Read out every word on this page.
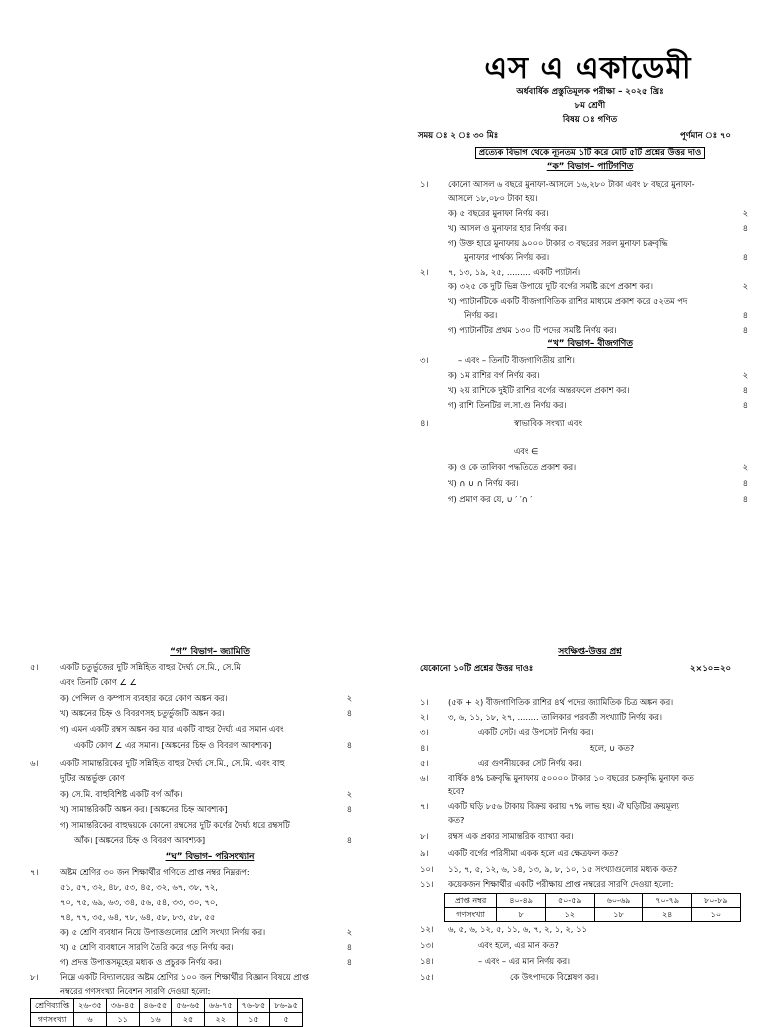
এস এ একাডেমী
অর্ধবার্ষিক প্রস্তুতিমূলক পরীক্ষা – ২০২৫ খ্রিঃ
৮ম শ্রেণী
বিষয় ঃ গণিত
সময় ঃ ২ ঃ ৩০ মিঃ	পূর্ণমান ঃ ৭০
প্রত্যেক বিভাগ থেকে ন্যূনতম ১টি করে মোট ৫টি প্রশ্নের উত্তর দাও
“ক” বিভাগ– পাটিগণিত
১। কোনো আসল ৬ বছরে মুনাফা-আসলে ১৬,২৮০ টাকা এবং ৮ বছরে মুনাফা-
আসলে ১৮,০৮০ টাকা হয়।
ক) ৫ বছরের মুনাফা নির্ণয় কর।	২
খ) আসল ও মুনাফার হার নির্ণয় কর।	৪
গ) উক্ত হারে মুনাফায় ৯০০০ টাকার ৩ বছরের সরল মুনাফা চক্রবৃদ্ধি
মুনাফার পার্থক্য নির্ণয় কর।	৪
২। ৭, ১৩, ১৯, ২৫, ......... একটি প্যাটার্ন।
ক) ৩২৫ কে দুটি ভিন্ন উপায়ে দুটি বর্গের সমষ্টি রূপে প্রকাশ কর।	২
খ) প্যাটার্নটিকে একটি বীজগাণিতিক রাশির মাধ্যমে প্রকাশ করে ৫২তম পদ
নির্ণয় কর।	৪
গ) প্যাটার্নটির প্রথম ১৩০ টি পদের সমষ্টি নির্ণয় কর।	৪
“খ” বিভাগ– বীজগণিত
৩।	– এবং – তিনটি বীজগাণিতীয় রাশি।
ক) ১ম রাশির বর্গ নির্ণয় কর।	২
খ) ২য় রাশিকে দুইটি রাশির বর্গের অন্তরফলে প্রকাশ কর।	৪
গ) রাশি তিনটির ল.সা.গু নির্ণয় কর।	৪
৪।	স্বাভাবিক সংখ্যা এবং
এবং ∈
ক) ও কে তালিকা পদ্ধতিতে প্রকাশ কর।	২
খ) ∩ ∪ ∩ নির্ণয় কর।	৪
গ) প্রমাণ কর যে, ∪ ′ ′∩ ′	৪
“গ” বিভাগ– জ্যামিতি
৫।	একটি চতুর্ভুজের দুটি সন্নিহিত বাহুর দৈর্ঘ্য সে.মি., সে.মি
এবং তিনটি কোণ ∠ ∠
ক) পেন্সিল ও কম্পাস ব্যবহার করে কোণ অঙ্কন কর।	২
খ) অঙ্কনের চিহ্ন ও বিবরণসহ চতুর্ভুজটি অঙ্কন কর।	৪
গ) এমন একটি রম্বস অঙ্কন কর যার একটি বাহুর দৈর্ঘ্য এর সমান এবং
একটি কোণ ∠ এর সমান। [অঙ্কনের চিহ্ন ও বিবরণ আবশ্যক]	৪
৬।	একটি সামান্তরিকের দুটি সন্নিহিত বাহুর দৈর্ঘ্য সে.মি., সে.মি. এবং বাহু
দুটির অন্তর্ভুক্ত কোণ
ক) সে.মি. বাহুবিশিষ্ট একটি বর্গ আঁক।	২
খ) সামান্তরিকটি অঙ্কন কর। [অঙ্কনের চিহ্ন আবশ্যক]	৪
গ) সামান্তরিকের বাহুদ্বয়কে কোনো রম্বসের দুটি কর্ণের দৈর্ঘ্য ধরে রম্বসটি
আঁক। [অঙ্কনের চিহ্ন ও বিবরণ আবশ্যক]	৪
“ঘ” বিভাগ– পরিসংখ্যান
৭।	অষ্টম শ্রেণির ৩০ জন শিক্ষার্থীর গণিতে প্রাপ্ত নম্বর নিম্নরূপ:
৫১, ৫৭, ৩২, ৪৮, ৫৩, ৪৫, ৩২, ৬৭, ৩৮, ৭২,
৭০, ৭৫, ৬৯, ৬৩, ৩৪, ৫৬, ৫৪, ৩৩, ৩০, ৭০,
৭৪, ৭৭, ৩৫, ৬৪, ৭৮, ৬৪, ৫৮, ৮৩, ৫৮, ৫৫
ক) ৫ শ্রেণি ব্যবধান নিয়ে উপাত্তগুলোর শ্রেণি সংখ্যা নির্ণয় কর।	২
খ) ৫ শ্রেণি ব্যবধানে সারণি তৈরি করে গড় নির্ণয় কর।	৪
গ) প্রদত্ত উপাত্তসমূহের মধ্যক ও প্রচুরক নির্ণয় কর।	৪
৮।	নিম্নে একটি বিদ্যালয়ের অষ্টম শ্রেণির ১০০ জন শিক্ষার্থীর বিজ্ঞান বিষয়ে প্রাপ্ত
নম্বরের গণসংখ্যা নিবেশন সারণি দেওয়া হলো:
শ্রেণিব্যাপ্তি	২৬-৩৫	৩৬-৪৫	৪৬-৫৫	৫৬-৬৫	৬৬-৭৫	৭৬-৮৫	৮৬-৯৫
গণসংখ্যা	৬	১১	১৬	২৫	২২	১৫	৫
সংক্ষিপ্ত-উত্তর প্রশ্ন
যেকোনো ১০টি প্রশ্নের উত্তর দাওঃ	২×১০=২০
১। (৫ক + ২) বীজগাণিতিক রাশির ৪র্থ পদের জ্যামিতিক চিত্র অঙ্কন কর।
২। ৩, ৬, ১১, ১৮, ২৭, ........ তালিকার পরবর্তী সংখ্যাটি নির্ণয় কর।
৩।	একটি সেট। এর উপসেট নির্ণয় কর।
৪।	হলে, ∪ কত?
৫।	এর গুণনীয়কের সেট নির্ণয় কর।
৬। বার্ষিক ৪% চক্রবৃদ্ধি মুনাফায় ৫০০০০ টাকার ১০ বছরের চক্রবৃদ্ধি মুনাফা কত
হবে?
৭। একটি ঘড়ি ৮৫৬ টাকায় বিক্রয় করায় ৭% লাভ হয়। ঐ ঘড়িটির ক্রয়মূল্য
কত?
৮। রম্বস এক প্রকার সামান্তরিক ব্যাখ্যা কর।
৯। একটি বর্গের পরিসীমা একক হলে এর ক্ষেত্রফল কত?
১০। ১১, ৭, ৫, ১২, ৬, ১৪, ১৩, ৯, ৮, ১০, ১৫ সংখ্যাগুলোর মধ্যক কত?
১১। কয়েকজন শিক্ষার্থীর একটি পরীক্ষায় প্রাপ্ত নম্বরের সারণি দেওয়া হলো:
প্রাপ্ত নম্বর	৪০-৪৯	৫০-৫৯	৬০-৬৯	৭০-৭৯	৮০-৮৯
গণসংখ্যা	৮	১২	১৮	২৪	১০
১২। ৬, ৫, ৬, ১২, ৫, ১১, ৬, ৭, ২, ১, ২, ১১
১৩।	এবং হলে, এর মান কত?
১৪।	– এবং – এর মান নির্ণয় কর।
১৫।	কে উৎপাদকে বিশ্লেষণ কর।
